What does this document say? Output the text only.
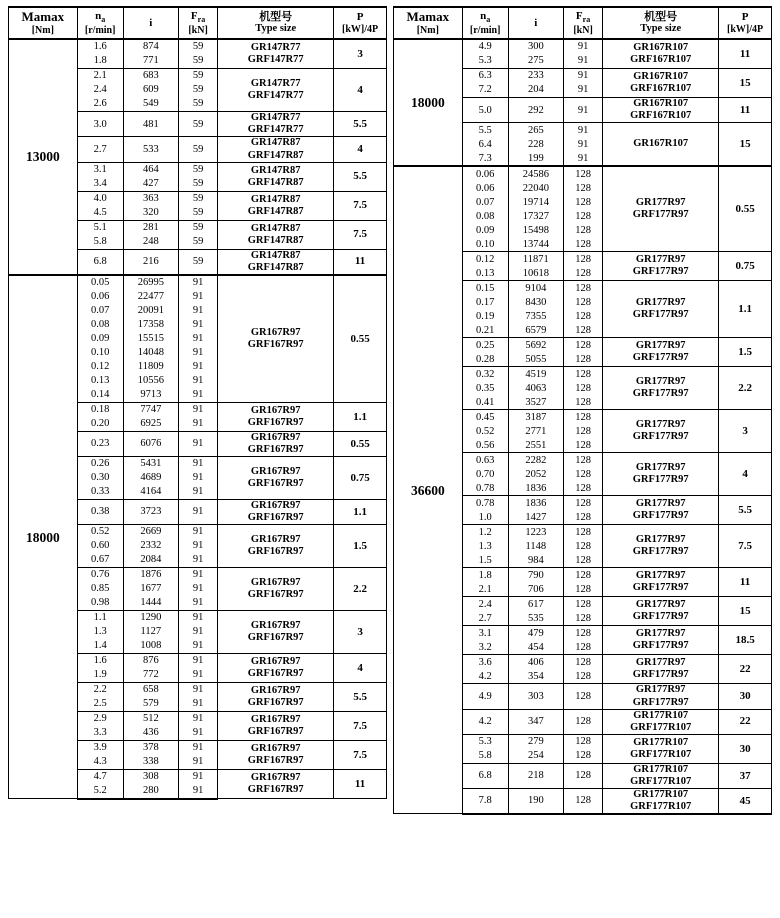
Mamax
[Nm]

$n_a$
[r/min]

i

$F_{ra}$
[kN]

机型号
Type size

P
[kW]/4P

13000	1.6	874	59	GR147R77
GRF147R77	3
	1.8	771	59		
	2.1	683	59	GR147R77
GRF147R77	4
	2.4	609	59		
	2.6	549	59		
	3.0	481	59	GR147R77
GRF147R77	5.5
	2.7	533	59	GR147R87
GRF147R87	4
	3.1	464	59	GR147R87
GRF147R87	5.5
	3.4	427	59		
	4.0	363	59	GR147R87
GRF147R87	7.5
	4.5	320	59		
	5.1	281	59	GR147R87
GRF147R87	7.5
	5.8	248	59		
	6.8	216	59	GR147R87
GRF147R87	11
18000	0.05	26995	91	GR167R97
GRF167R97	0.55
	0.06	22477	91		
	0.07	20091	91		
	0.08	17358	91		
	0.09	15515	91		
	0.10	14048	91		
	0.12	11809	91		
	0.13	10556	91		
	0.14	9713	91		
	0.18	7747	91	GR167R97
GRF167R97	1.1
	0.20	6925	91		
	0.23	6076	91	GR167R97
GRF167R97	0.55
	0.26	5431	91	GR167R97
GRF167R97	0.75
	0.30	4689	91		
	0.33	4164	91		
	0.38	3723	91	GR167R97
GRF167R97	1.1
	0.52	2669	91	GR167R97
GRF167R97	1.5
	0.60	2332	91		
	0.67	2084	91		
	0.76	1876	91	GR167R97
GRF167R97	2.2
	0.85	1677	91		
	0.98	1444	91		
	1.1	1290	91	GR167R97
GRF167R97	3
	1.3	1127	91		
	1.4	1008	91		
	1.6	876	91	GR167R97
GRF167R97	4
	1.9	772	91		
	2.2	658	91	GR167R97
GRF167R97	5.5
	2.5	579	91		
	2.9	512	91	GR167R97
GRF167R97	7.5
	3.3	436	91		
	3.9	378	91	GR167R97
GRF167R97	7.5
	4.3	338	91		
	4.7	308	91	GR167R97
GRF167R97	11
	5.2	280	91		
Mamax
[Nm]

$n_a$
[r/min]

i

$F_{ra}$
[kN]

机型号
Type size

P
[kW]/4P

18000	4.9	300	91	GR167R107
GRF167R107	11
	5.3	275	91		
	6.3	233	91	GR167R107
GRF167R107	15
	7.2	204	91		
	5.0	292	91	GR167R107
GRF167R107	11
	5.5	265	91	GR167R107	15
	6.4	228	91		
	7.3	199	91		
36600	0.06	24586	128	GR177R97
GRF177R97	0.55
	0.06	22040	128		
	0.07	19714	128		
	0.08	17327	128		
	0.09	15498	128		
	0.10	13744	128		
	0.12	11871	128	GR177R97
GRF177R97	0.75
	0.13	10618	128		
	0.15	9104	128	GR177R97
GRF177R97	1.1
	0.17	8430	128		
	0.19	7355	128		
	0.21	6579	128		
	0.25	5692	128	GR177R97
GRF177R97	1.5
	0.28	5055	128		
	0.32	4519	128	GR177R97
GRF177R97	2.2
	0.35	4063	128		
	0.41	3527	128		
	0.45	3187	128	GR177R97
GRF177R97	3
	0.52	2771	128		
	0.56	2551	128		
	0.63	2282	128	GR177R97
GRF177R97	4
	0.70	2052	128		
	0.78	1836	128		
	0.78	1836	128	GR177R97
GRF177R97	5.5
	1.0	1427	128		
	1.2	1223	128	GR177R97
GRF177R97	7.5
	1.3	1148	128		
	1.5	984	128		
	1.8	790	128	GR177R97
GRF177R97	11
	2.1	706	128		
	2.4	617	128	GR177R97
GRF177R97	15
	2.7	535	128		
	3.1	479	128	GR177R97
GRF177R97	18.5
	3.2	454	128		
	3.6	406	128	GR177R97
GRF177R97	22
	4.2	354	128		
	4.9	303	128	GR177R97
GRF177R97	30
	4.2	347	128	GR177R107
GRF177R107	22
	5.3	279	128	GR177R107
GRF177R107	30
	5.8	254	128		
	6.8	218	128	GR177R107
GRF177R107	37
	7.8	190	128	GR177R107
GRF177R107	45
